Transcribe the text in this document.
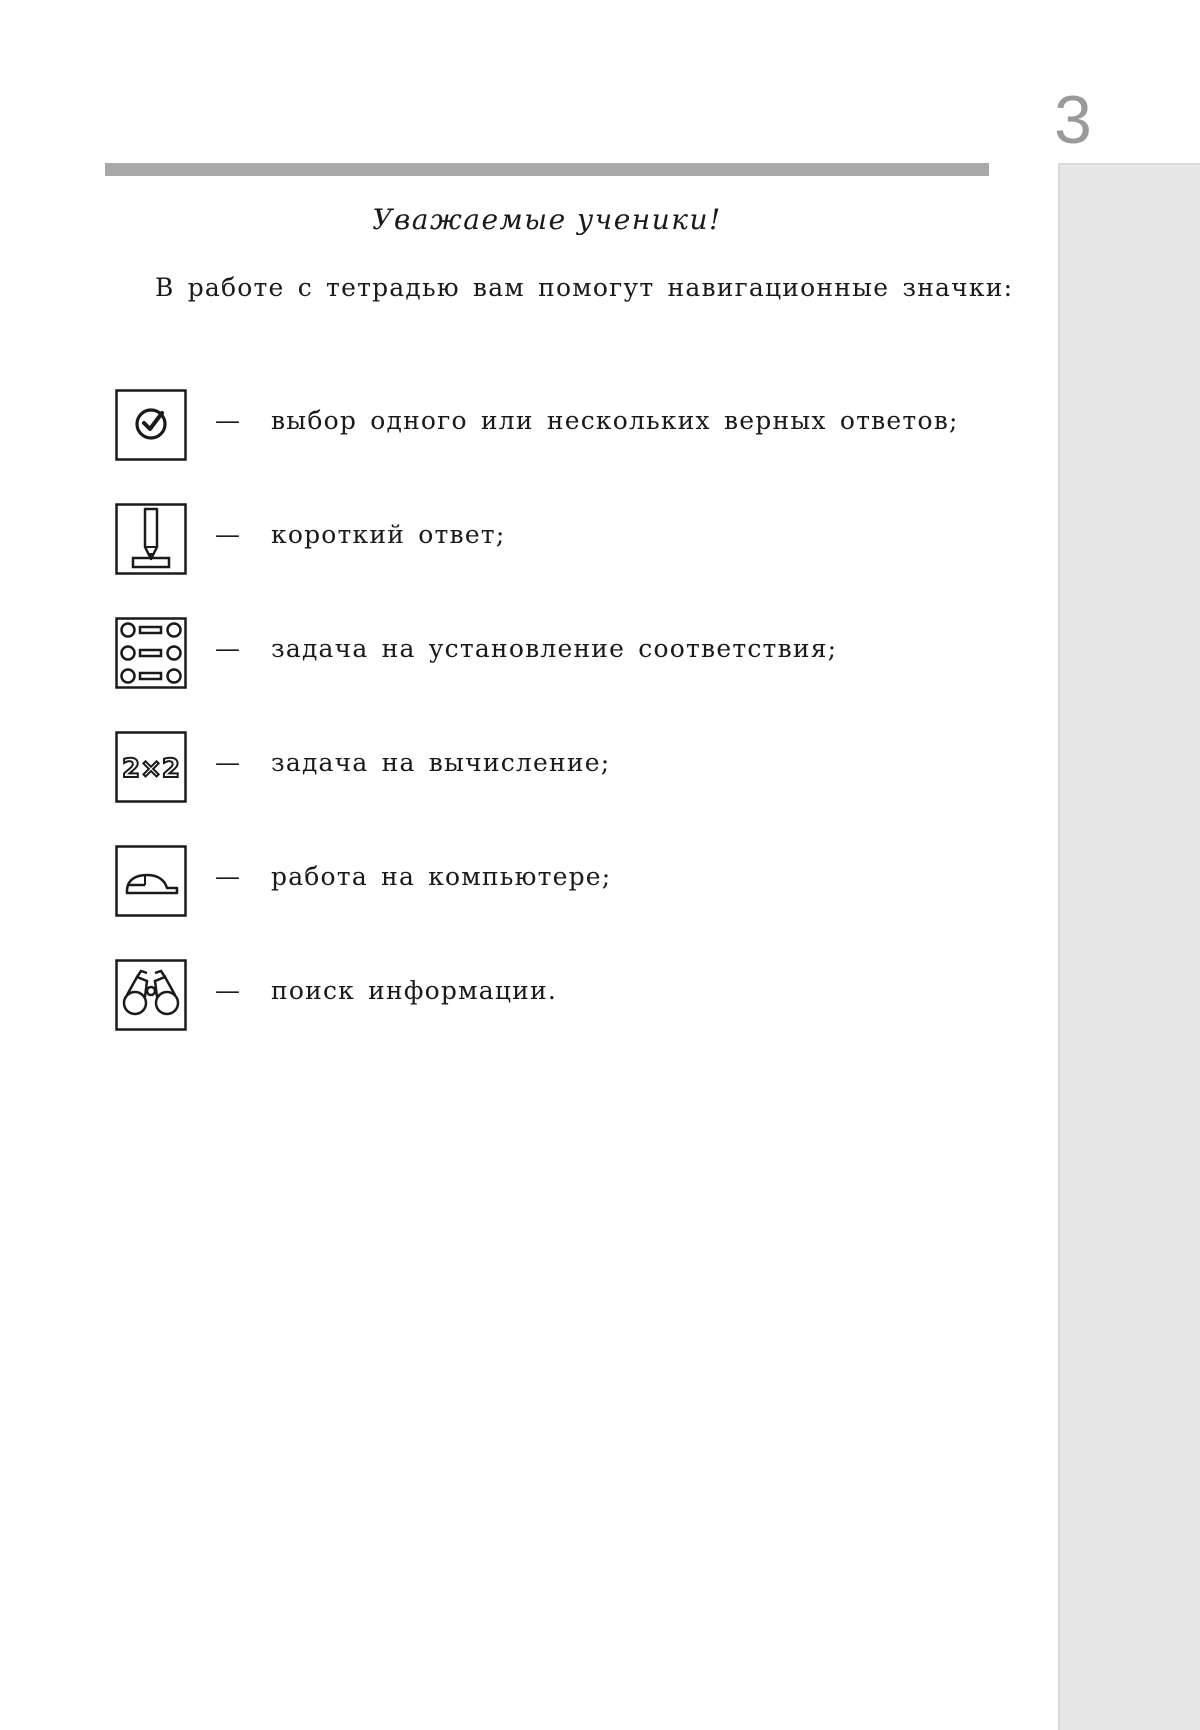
3
Уважаемые ученики!
В работе с тетрадью вам помогут навигационные значки:
— выбор одного или нескольких верных ответов;
— короткий ответ;
— задача на установление соответствия;
2×2 — задача на вычисление;
— работа на компьютере;
— поиск информации.
